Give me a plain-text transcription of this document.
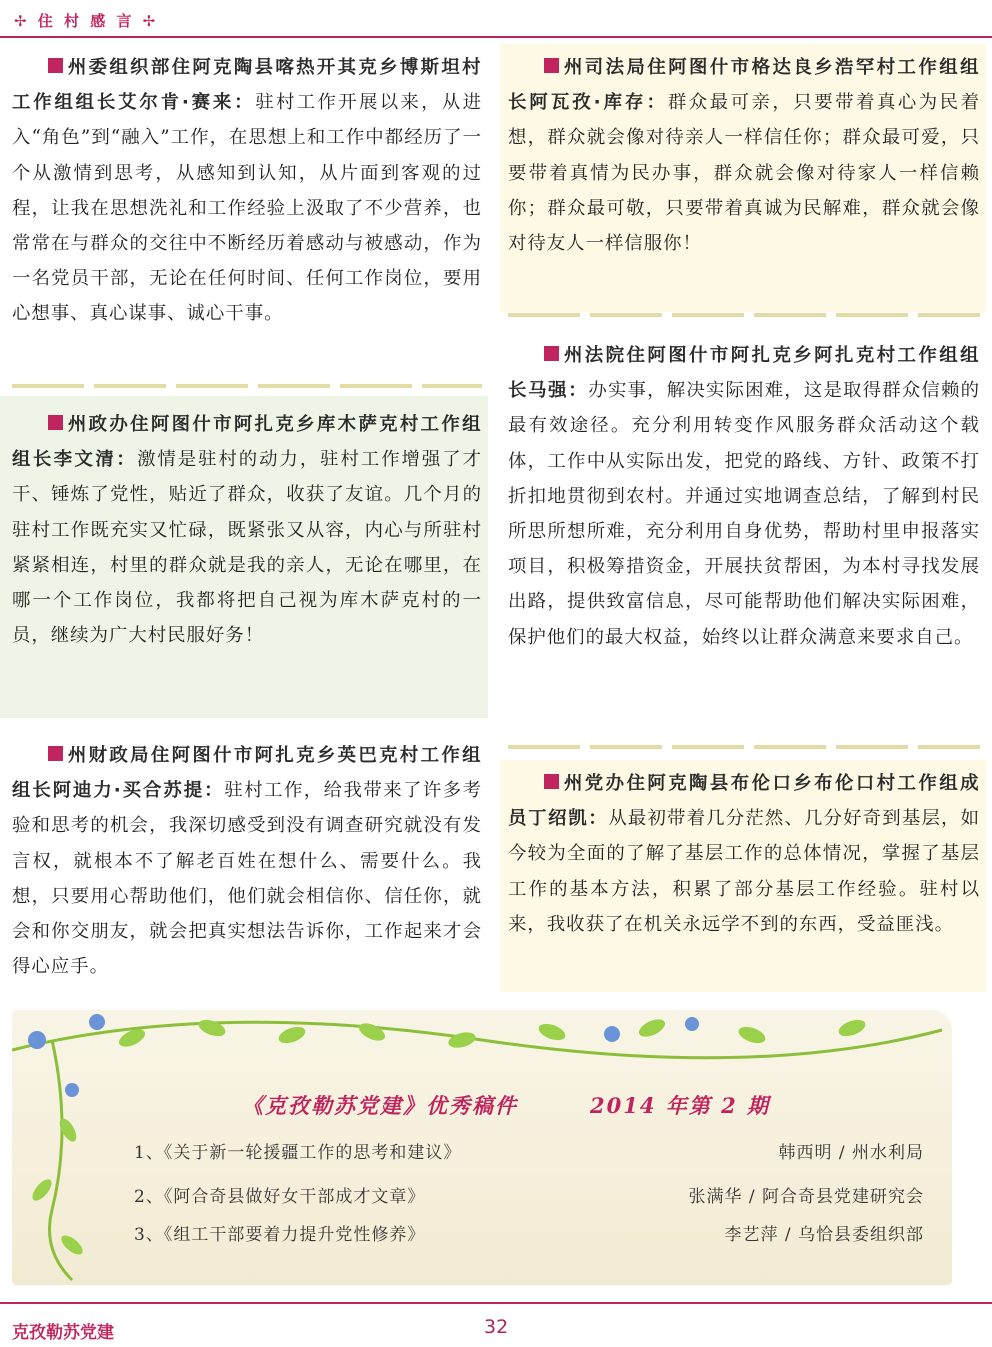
✢ 住 村 感 言 ✢

州委组织部住阿克陶县喀热开其克乡博斯坦村工作组组长艾尔肯·赛来：驻村工作开展以来，从进入“角色”到“融入”工作，在思想上和工作中都经历了一个从激情到思考，从感知到认知，从片面到客观的过程，让我在思想洗礼和工作经验上汲取了不少营养，也常常在与群众的交往中不断经历着感动与被感动，作为一名党员干部，无论在任何时间、任何工作岗位，要用心想事、真心谋事、诚心干事。

州政办住阿图什市阿扎克乡库木萨克村工作组组长李文清：激情是驻村的动力，驻村工作增强了才干、锤炼了党性，贴近了群众，收获了友谊。几个月的驻村工作既充实又忙碌，既紧张又从容，内心与所驻村紧紧相连，村里的群众就是我的亲人，无论在哪里，在哪一个工作岗位，我都将把自己视为库木萨克村的一员，继续为广大村民服好务！

州财政局住阿图什市阿扎克乡英巴克村工作组组长阿迪力·买合苏提：驻村工作，给我带来了许多考验和思考的机会，我深切感受到没有调查研究就没有发言权，就根本不了解老百姓在想什么、需要什么。我想，只要用心帮助他们，他们就会相信你、信任你，就会和你交朋友，就会把真实想法告诉你，工作起来才会得心应手。

州司法局住阿图什市格达良乡浩罕村工作组组长阿瓦孜·库存：群众最可亲，只要带着真心为民着想，群众就会像对待亲人一样信任你；群众最可爱，只要带着真情为民办事，群众就会像对待家人一样信赖你；群众最可敬，只要带着真诚为民解难，群众就会像对待友人一样信服你！

州法院住阿图什市阿扎克乡阿扎克村工作组组长马强：办实事，解决实际困难，这是取得群众信赖的最有效途径。充分利用转变作风服务群众活动这个载体，工作中从实际出发，把党的路线、方针、政策不打折扣地贯彻到农村。并通过实地调查总结，了解到村民所思所想所难，充分利用自身优势，帮助村里申报落实项目，积极筹措资金，开展扶贫帮困，为本村寻找发展出路，提供致富信息，尽可能帮助他们解决实际困难，保护他们的最大权益，始终以让群众满意来要求自己。

州党办住阿克陶县布伦口乡布伦口村工作组成员丁绍凯：从最初带着几分茫然、几分好奇到基层，如今较为全面的了解了基层工作的总体情况，掌握了基层工作的基本方法，积累了部分基层工作经验。驻村以来，我收获了在机关永远学不到的东西，受益匪浅。

《克孜勒苏党建》优秀稿件	2014 年第 2 期
1、《关于新一轮援疆工作的思考和建议》	韩西明 / 州水利局
2、《阿合奇县做好女干部成才文章》	张满华 / 阿合奇县党建研究会
3、《组工干部要着力提升党性修养》	李艺萍 / 乌恰县委组织部
克孜勒苏党建	32
